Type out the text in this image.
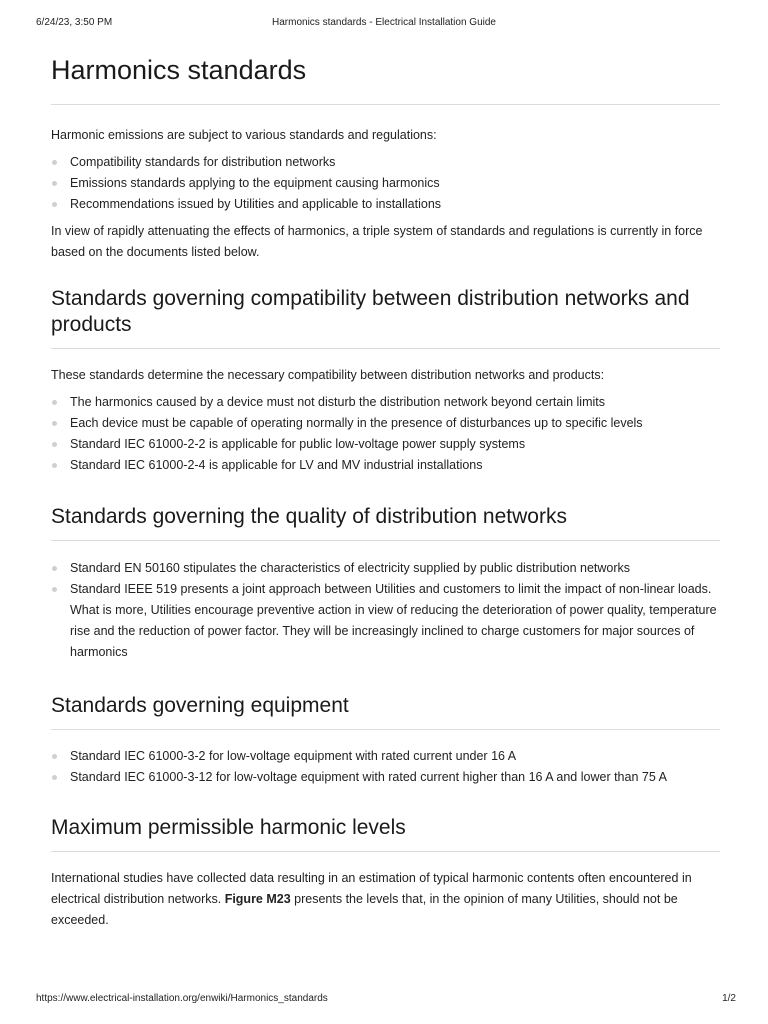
6/24/23, 3:50 PM	Harmonics standards - Electrical Installation Guide
Harmonics standards

Harmonic emissions are subject to various standards and regulations:

Compatibility standards for distribution networks
Emissions standards applying to the equipment causing harmonics
Recommendations issued by Utilities and applicable to installations

In view of rapidly attenuating the effects of harmonics, a triple system of standards and regulations is currently in force based on the documents listed below.

Standards governing compatibility between distribution networks and products

These standards determine the necessary compatibility between distribution networks and products:

The harmonics caused by a device must not disturb the distribution network beyond certain limits
Each device must be capable of operating normally in the presence of disturbances up to specific levels
Standard IEC 61000-2-2 is applicable for public low-voltage power supply systems
Standard IEC 61000-2-4 is applicable for LV and MV industrial installations
Standards governing the quality of distribution networks
Standard EN 50160 stipulates the characteristics of electricity supplied by public distribution networks
Standard IEEE 519 presents a joint approach between Utilities and customers to limit the impact of non-linear loads. What is more, Utilities encourage preventive action in view of reducing the deterioration of power quality, temperature rise and the reduction of power factor. They will be increasingly inclined to charge customers for major sources of harmonics
Standards governing equipment
Standard IEC 61000-3-2 for low-voltage equipment with rated current under 16 A
Standard IEC 61000-3-12 for low-voltage equipment with rated current higher than 16 A and lower than 75 A
Maximum permissible harmonic levels

International studies have collected data resulting in an estimation of typical harmonic contents often encountered in electrical distribution networks. Figure M23 presents the levels that, in the opinion of many Utilities, should not be exceeded.

https://www.electrical-installation.org/enwiki/Harmonics_standards	1/2
